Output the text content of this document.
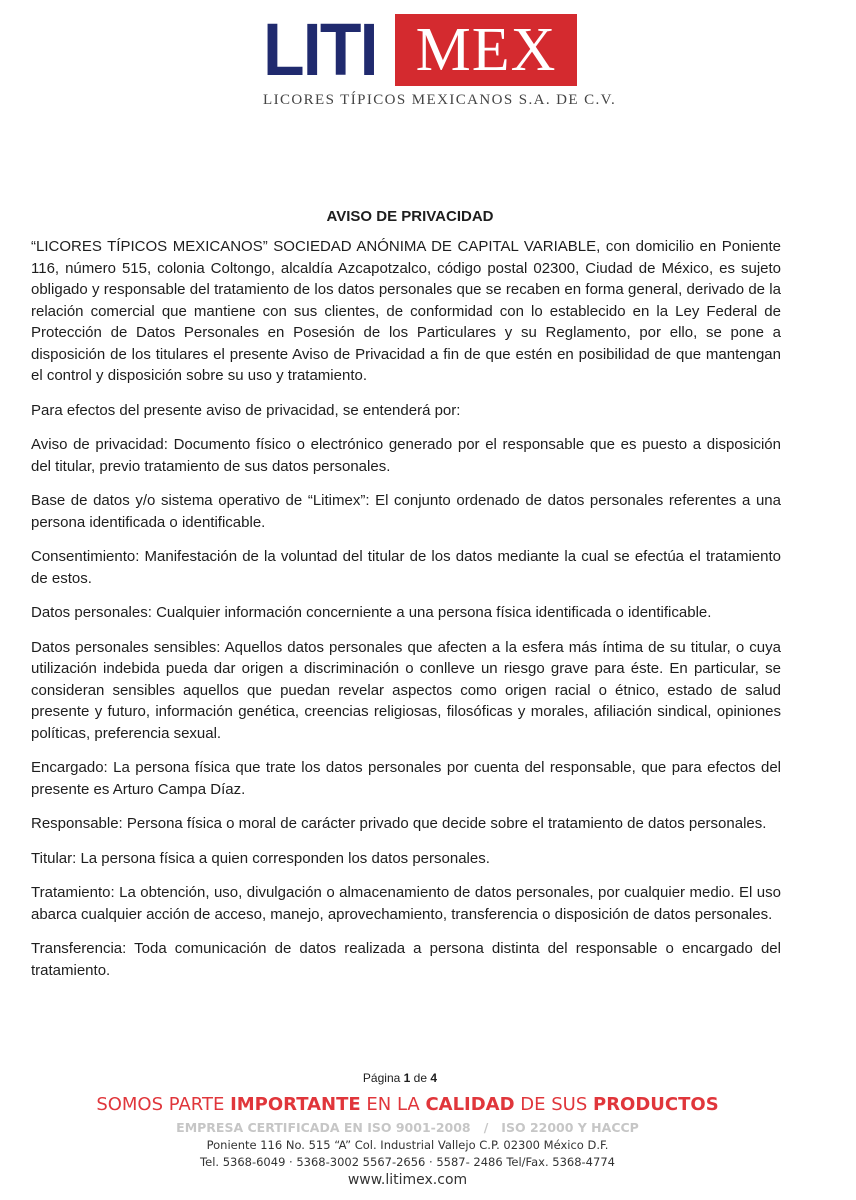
LITI MEX
LICORES TÍPICOS MEXICANOS S.A. DE C.V.
AVISO DE PRIVACIDAD

“LICORES TÍPICOS MEXICANOS” SOCIEDAD ANÓNIMA DE CAPITAL VARIABLE, con domicilio en Poniente 116, número 515, colonia Coltongo, alcaldía Azcapotzalco, código postal 02300, Ciudad de México, es sujeto obligado y responsable del tratamiento de los datos personales que se recaben en forma general, derivado de la relación comercial que mantiene con sus clientes, de conformidad con lo establecido en la Ley Federal de Protección de Datos Personales en Posesión de los Particulares y su Reglamento, por ello, se pone a disposición de los titulares el presente Aviso de Privacidad a fin de que estén en posibilidad de que mantengan el control y disposición sobre su uso y tratamiento.

Para efectos del presente aviso de privacidad, se entenderá por:

Aviso de privacidad: Documento físico o electrónico generado por el responsable que es puesto a disposición del titular, previo tratamiento de sus datos personales.

Base de datos y/o sistema operativo de “Litimex”: El conjunto ordenado de datos personales referentes a una persona identificada o identificable.

Consentimiento: Manifestación de la voluntad del titular de los datos mediante la cual se efectúa el tratamiento de estos.

Datos personales: Cualquier información concerniente a una persona física identificada o identificable.

Datos personales sensibles: Aquellos datos personales que afecten a la esfera más íntima de su titular, o cuya utilización indebida pueda dar origen a discriminación o conlleve un riesgo grave para éste. En particular, se consideran sensibles aquellos que puedan revelar aspectos como origen racial o étnico, estado de salud presente y futuro, información genética, creencias religiosas, filosóficas y morales, afiliación sindical, opiniones políticas, preferencia sexual.

Encargado: La persona física que trate los datos personales por cuenta del responsable, que para efectos del presente es Arturo Campa Díaz.

Responsable: Persona física o moral de carácter privado que decide sobre el tratamiento de datos personales.

Titular: La persona física a quien corresponden los datos personales.

Tratamiento: La obtención, uso, divulgación o almacenamiento de datos personales, por cualquier medio. El uso abarca cualquier acción de acceso, manejo, aprovechamiento, transferencia o disposición de datos personales.

Transferencia: Toda comunicación de datos realizada a persona distinta del responsable o encargado del tratamiento.

Página 1 de 4
SOMOS PARTE IMPORTANTE EN LA CALIDAD DE SUS PRODUCTOS
EMPRESA CERTIFICADA EN ISO 9001-2008   /   ISO 22000 Y HACCP
Poniente 116 No. 515 “A” Col. Industrial Vallejo C.P. 02300 México D.F.
Tel. 5368-6049 · 5368-3002 5567-2656 · 5587- 2486 Tel/Fax. 5368-4774
www.litimex.com
